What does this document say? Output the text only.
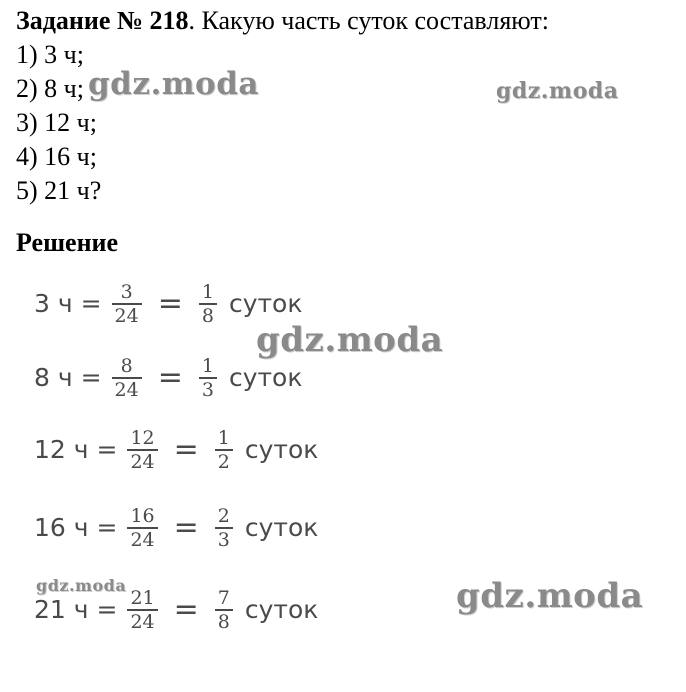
Задание № 218. Какую часть суток составляют:
1) 3 ч;
2) 8 ч;
3) 12 ч;
4) 16 ч;
5) 21 ч?
Решение
3 $ч = \frac{3}{24} = \frac{1}{8}$ суток
8 $ч = \frac{8}{24} = \frac{1}{3}$ суток
12 $ч = \frac{12}{24} = \frac{1}{2}$ суток
16 $ч = \frac{16}{24} = \frac{2}{3}$ суток
21 $ч = \frac{21}{24} = \frac{7}{8}$ суток
gdz.moda	gdz.moda
gdz.moda
gdz.moda	gdz.moda
